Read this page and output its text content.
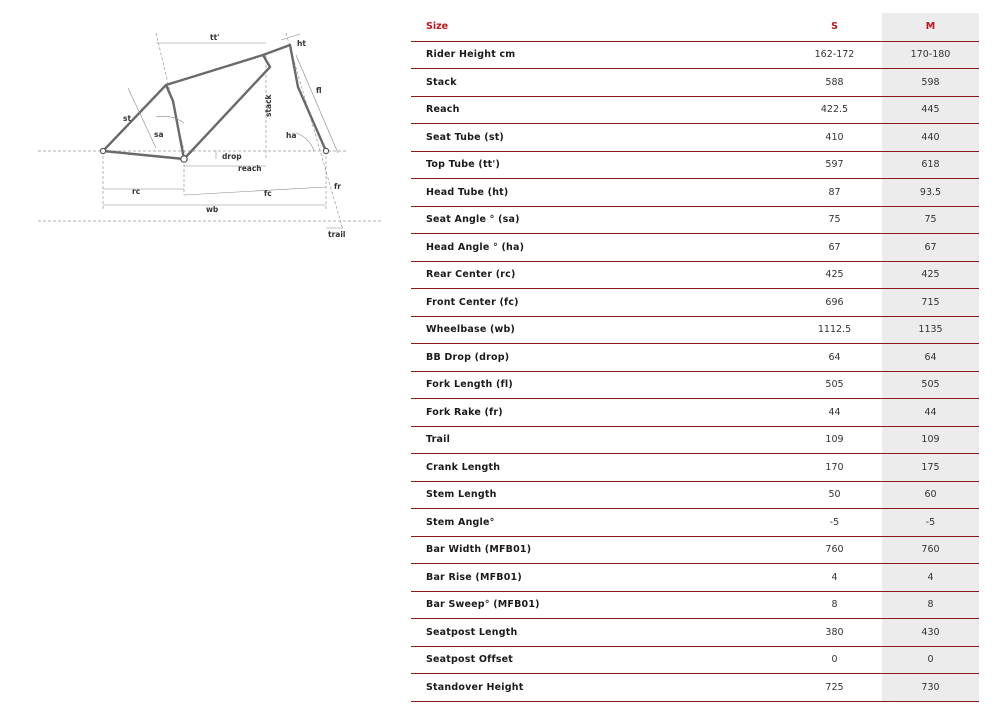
tt'
ht
fl
st
sa
stack
ha
drop
reach
rc	fc
fr
wb
trail
Size	S	M
Rider Height cm	162-172	170-180
Stack	588	598
Reach	422.5	445
Seat Tube (st)	410	440
Top Tube (tt')	597	618
Head Tube (ht)	87	93.5
Seat Angle ° (sa)	75	75
Head Angle ° (ha)	67	67
Rear Center (rc)	425	425
Front Center (fc)	696	715
Wheelbase (wb)	1112.5	1135
BB Drop (drop)	64	64
Fork Length (fl)	505	505
Fork Rake (fr)	44	44
Trail	109	109
Crank Length	170	175
Stem Length	50	60
Stem Angle°	-5	-5
Bar Width (MFB01)	760	760
Bar Rise (MFB01)	4	4
Bar Sweep° (MFB01)	8	8
Seatpost Length	380	430
Seatpost Offset	0	0
Standover Height	725	730
